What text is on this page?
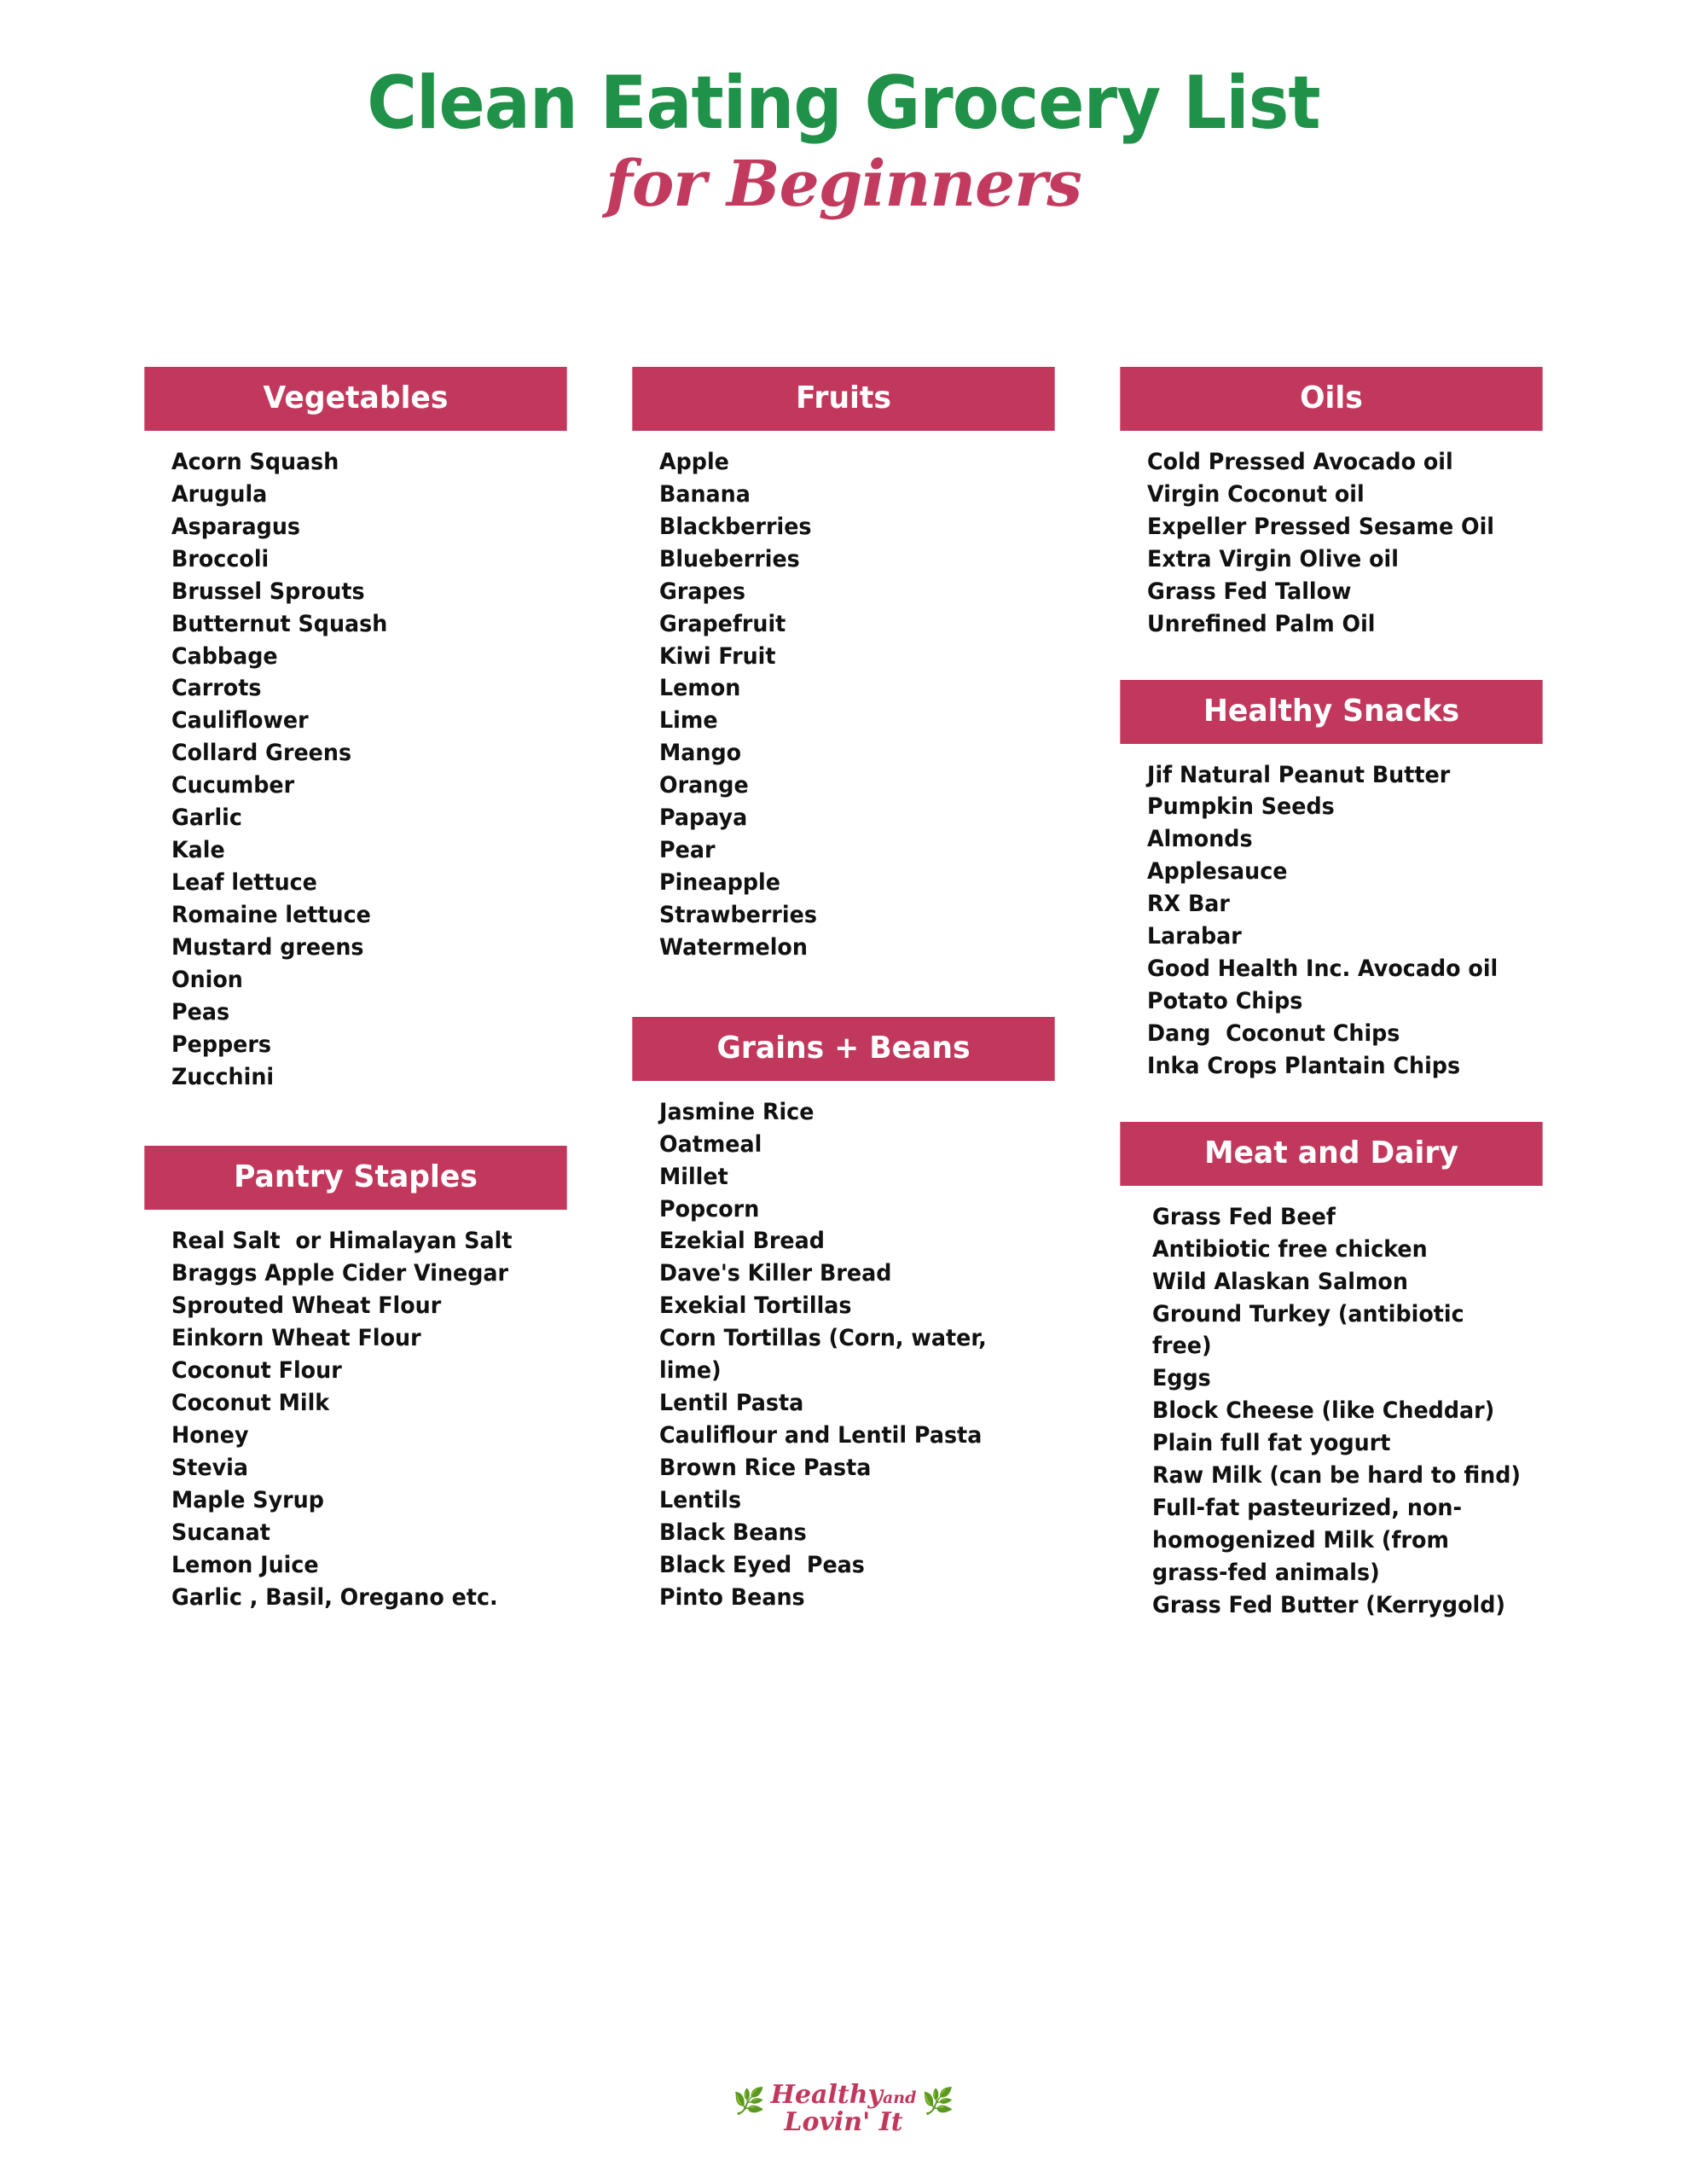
Clean Eating Grocery List
for Beginners
Vegetables
Acorn Squash
Arugula
Asparagus
Broccoli
Brussel Sprouts
Butternut Squash
Cabbage
Carrots
Cauliflower
Collard Greens
Cucumber
Garlic
Kale
Leaf lettuce
Romaine lettuce
Mustard greens
Onion
Peas
Peppers
Zucchini
Pantry Staples
Real Salt  or Himalayan Salt
Braggs Apple Cider Vinegar
Sprouted Wheat Flour
Einkorn Wheat Flour
Coconut Flour
Coconut Milk
Honey
Stevia
Maple Syrup
Sucanat
Lemon Juice
Garlic , Basil, Oregano etc.
Fruits
Apple
Banana
Blackberries
Blueberries
Grapes
Grapefruit
Kiwi Fruit
Lemon
Lime
Mango
Orange
Papaya
Pear
Pineapple
Strawberries
Watermelon
Grains + Beans
Jasmine Rice
Oatmeal
Millet
Popcorn
Ezekial Bread
Dave's Killer Bread
Exekial Tortillas
Corn Tortillas (Corn, water, lime)
Lentil Pasta
Cauliflour and Lentil Pasta
Brown Rice Pasta
Lentils
Black Beans
Black Eyed  Peas
Pinto Beans
Oils
Cold Pressed Avocado oil
Virgin Coconut oil
Expeller Pressed Sesame Oil
Extra Virgin Olive oil
Grass Fed Tallow
Unrefined Palm Oil
Healthy Snacks
Jif Natural Peanut Butter
Pumpkin Seeds
Almonds
Applesauce
RX Bar
Larabar
Good Health Inc. Avocado oil  Potato Chips
Dang  Coconut Chips
Inka Crops Plantain Chips
Meat and Dairy
Grass Fed Beef
Antibiotic free chicken
Wild Alaskan Salmon
Ground Turkey (antibiotic free)
Eggs
Block Cheese (like Cheddar)
Plain full fat yogurt
Raw Milk (can be hard to find)
Full-fat pasteurized, non-homogenized Milk (from grass-fed animals)
Grass Fed Butter (Kerrygold)
🌿 Healthyand
Lovin' It
🌿
